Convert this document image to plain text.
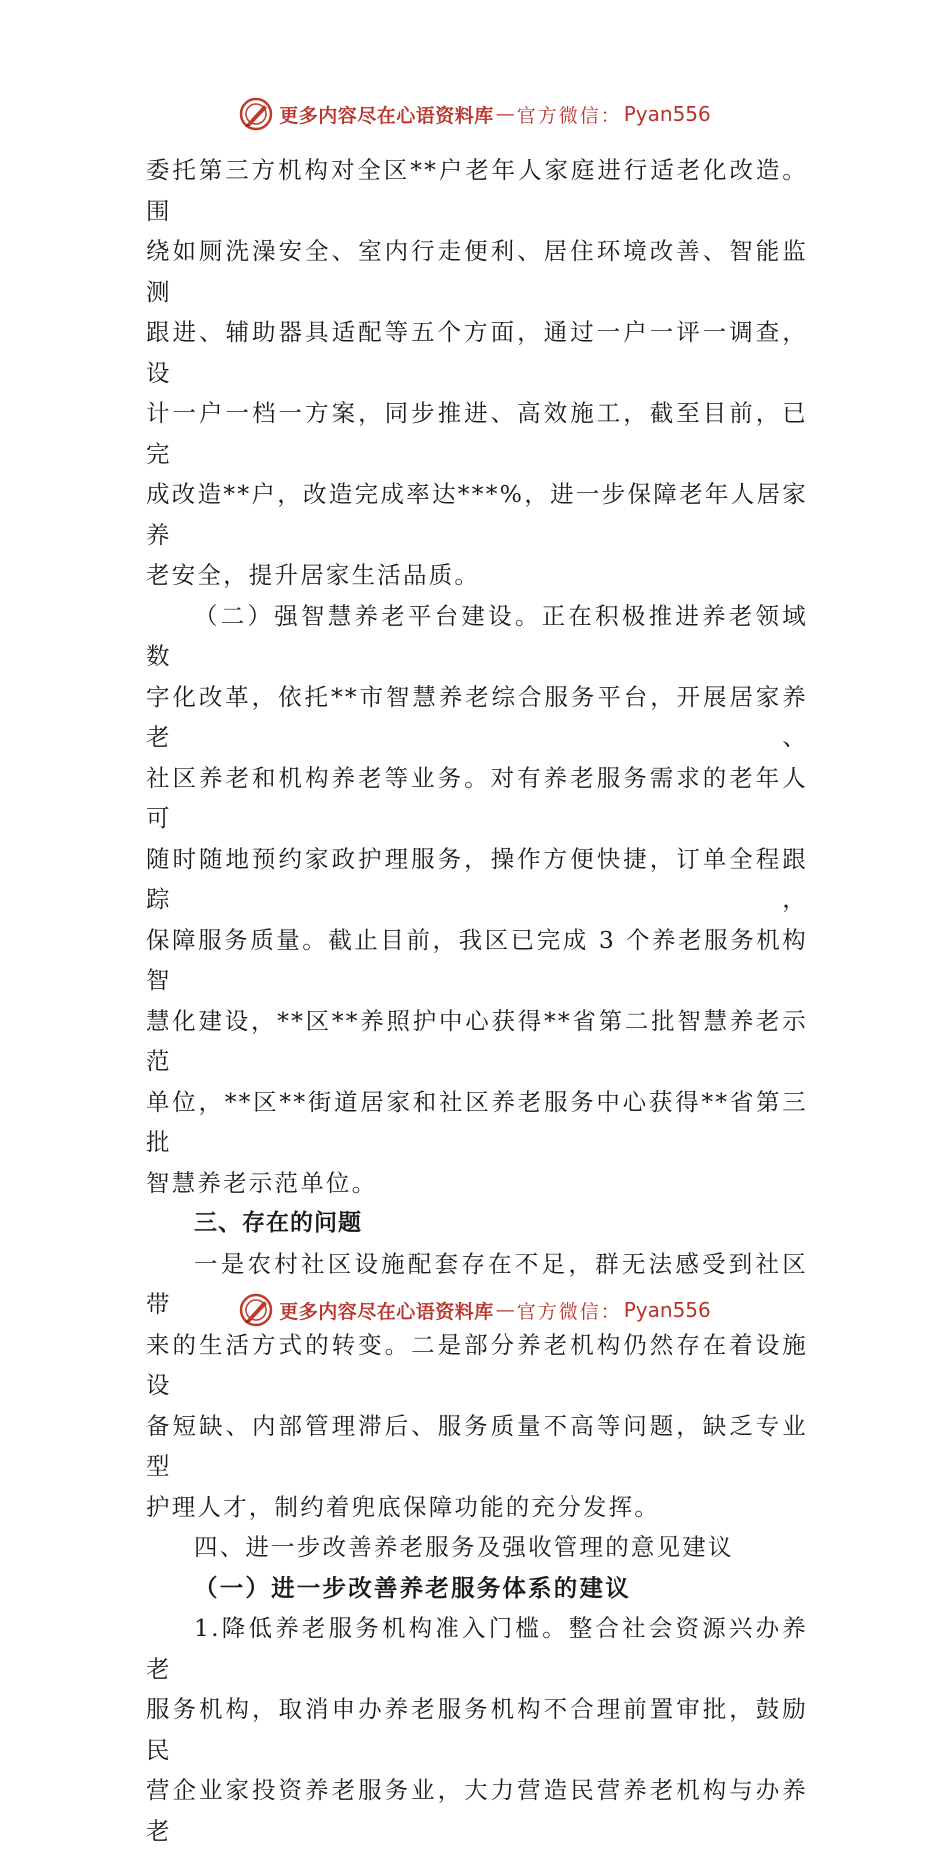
更多内容尽在心语资料库 — 官方微信： Pyan556

委托第三方机构对全区**户老年人家庭进行适老化改造。围

绕如厕洗澡安全、室内行走便利、居住环境改善、智能监测

跟进、辅助器具适配等五个方面，通过一户一评一调查，设

计一户一档一方案，同步推进、高效施工，截至目前，已完

成改造**户，改造完成率达***%，进一步保障老年人居家养

老安全，提升居家生活品质。

（二）强智慧养老平台建设。正在积极推进养老领域数

字化改革，依托**市智慧养老综合服务平台，开展居家养老、

社区养老和机构养老等业务。对有养老服务需求的老年人可

随时随地预约家政护理服务，操作方便快捷，订单全程跟踪，

保障服务质量。截止目前，我区已完成 3 个养老服务机构智

慧化建设，**区**养照护中心获得**省第二批智慧养老示范

单位，**区**街道居家和社区养老服务中心获得**省第三批

智慧养老示范单位。

三、存在的问题

一是农村社区设施配套存在不足，群无法感受到社区带

来的生活方式的转变。二是部分养老机构仍然存在着设施设

备短缺、内部管理滞后、服务质量不高等问题，缺乏专业型

护理人才，制约着兜底保障功能的充分发挥。

四、进一步改善养老服务及强收管理的意见建议

（一）进一步改善养老服务体系的建议

1.降低养老服务机构准入门槛。整合社会资源兴办养老

服务机构，取消申办养老服务机构不合理前置审批，鼓励民

营企业家投资养老服务业，大力营造民营养老机构与办养老

更多内容尽在心语资料库 — 官方微信： Pyan556
